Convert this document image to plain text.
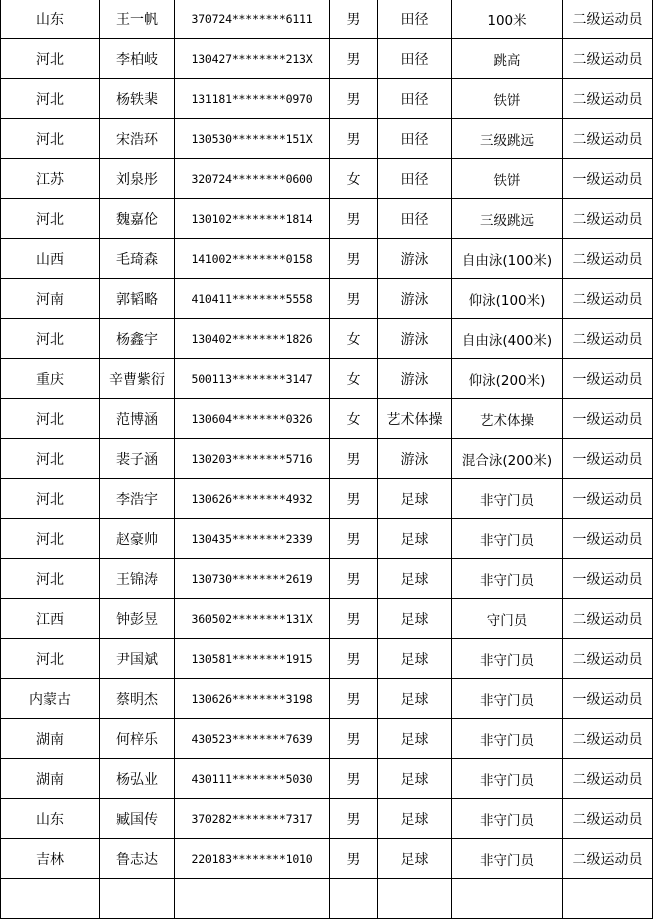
山东	王一帆	370724********6111	男	田径	100米	二级运动员
河北	李柏岐	130427********213X	男	田径	跳高	二级运动员
河北	杨轶棐	131181********0970	男	田径	铁饼	二级运动员
河北	宋浩环	130530********151X	男	田径	三级跳远	二级运动员
江苏	刘泉彤	320724********0600	女	田径	铁饼	一级运动员
河北	魏嘉伦	130102********1814	男	田径	三级跳远	二级运动员
山西	毛琦森	141002********0158	男	游泳	自由泳(100米)	二级运动员
河南	郭韬略	410411********5558	男	游泳	仰泳(100米)	二级运动员
河北	杨鑫宇	130402********1826	女	游泳	自由泳(400米)	二级运动员
重庆	辛曹紫衍	500113********3147	女	游泳	仰泳(200米)	一级运动员
河北	范博涵	130604********0326	女	艺术体操	艺术体操	一级运动员
河北	裴子涵	130203********5716	男	游泳	混合泳(200米)	一级运动员
河北	李浩宇	130626********4932	男	足球	非守门员	一级运动员
河北	赵豪帅	130435********2339	男	足球	非守门员	一级运动员
河北	王锦涛	130730********2619	男	足球	非守门员	一级运动员
江西	钟彭昱	360502********131X	男	足球	守门员	二级运动员
河北	尹国斌	130581********1915	男	足球	非守门员	二级运动员
内蒙古	蔡明杰	130626********3198	男	足球	非守门员	一级运动员
湖南	何梓乐	430523********7639	男	足球	非守门员	二级运动员
湖南	杨弘业	430111********5030	男	足球	非守门员	二级运动员
山东	臧国传	370282********7317	男	足球	非守门员	二级运动员
吉林	鲁志达	220183********1010	男	足球	非守门员	二级运动员
